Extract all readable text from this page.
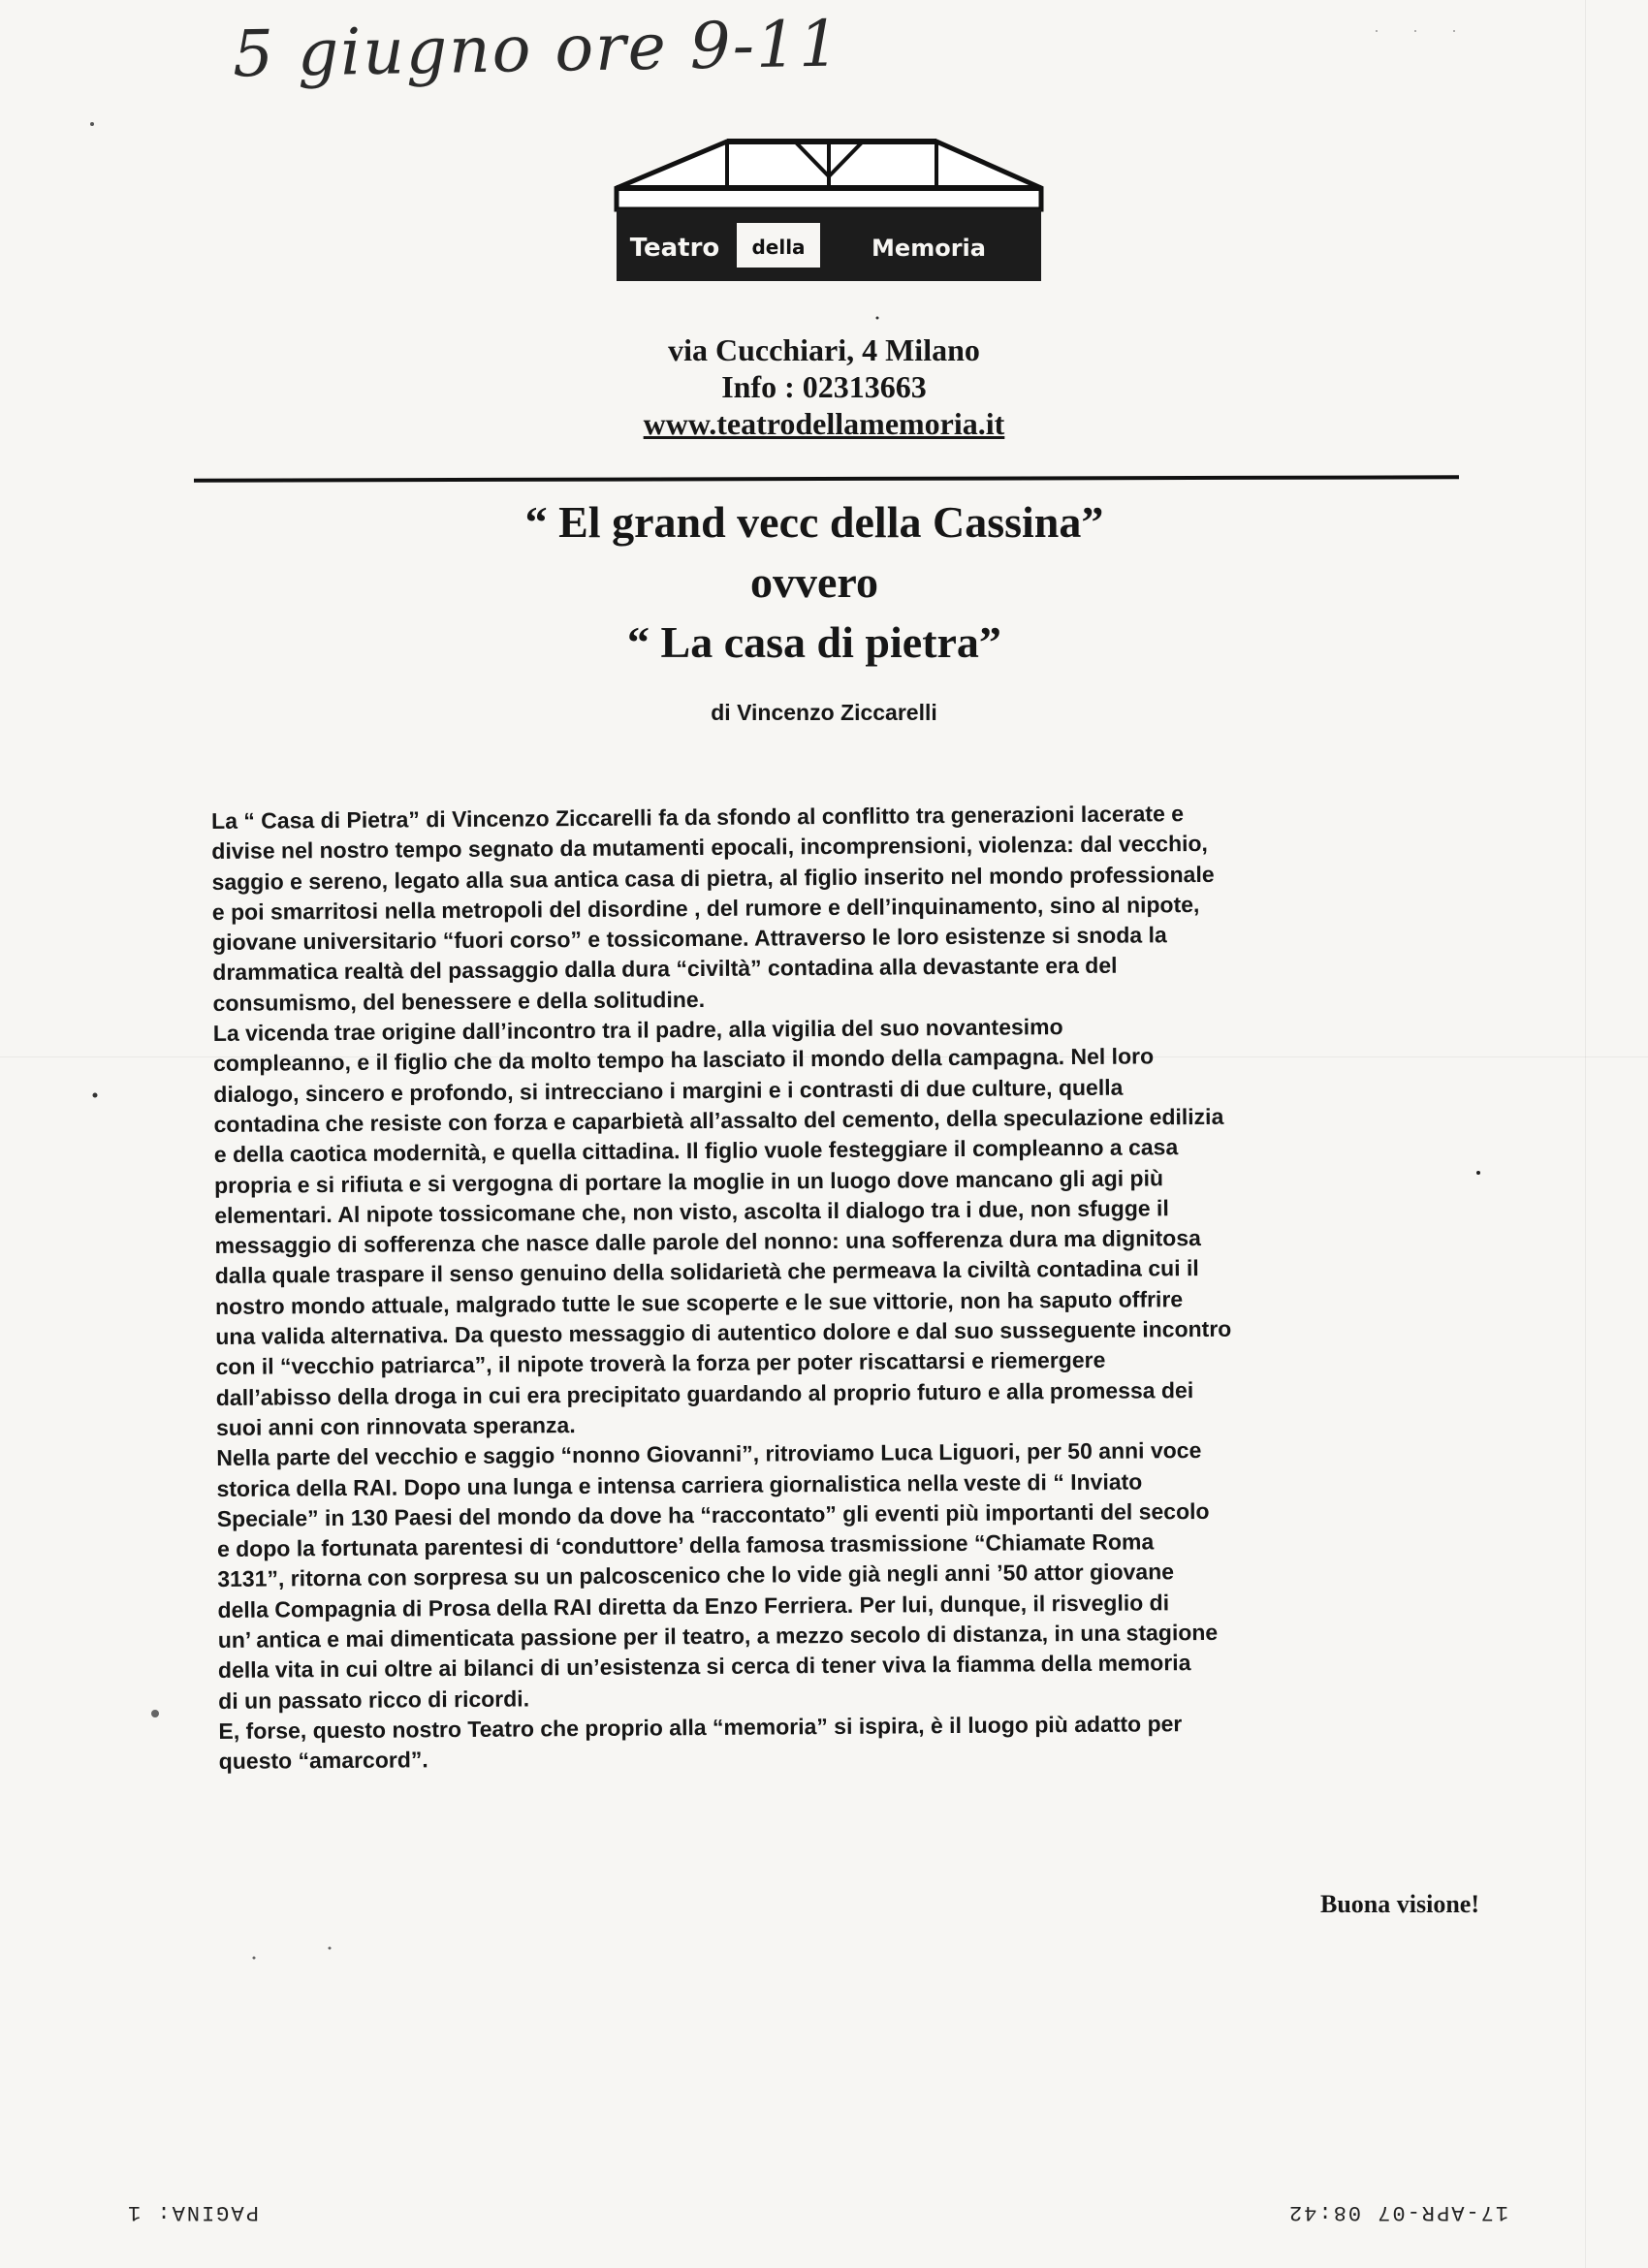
5 giugno ore 9-11
Teatro della	Memoria
via Cucchiari, 4 Milano
Info : 02313663
www.teatrodellamemoria.it
“ El grand vecc della Cassina”
ovvero
“ La casa di pietra”
di Vincenzo Ziccarelli

La “ Casa di Pietra” di Vincenzo Ziccarelli fa da sfondo al conflitto tra generazioni lacerate e

divise nel nostro tempo segnato da mutamenti epocali, incomprensioni, violenza: dal vecchio,

saggio e sereno, legato alla sua antica casa di pietra, al figlio inserito nel mondo professionale

e poi smarritosi nella metropoli del disordine , del rumore e dell’inquinamento, sino al nipote,

giovane universitario “fuori corso” e tossicomane. Attraverso le loro esistenze si snoda la

drammatica realtà del passaggio dalla dura “civiltà” contadina alla devastante era del

consumismo, del benessere e della solitudine.

La vicenda trae origine dall’incontro tra il padre, alla vigilia del suo novantesimo

compleanno, e il figlio che da molto tempo ha lasciato il mondo della campagna. Nel loro

dialogo, sincero e profondo, si intrecciano i margini e i contrasti di due culture, quella

contadina che resiste con forza e caparbietà all’assalto del cemento, della speculazione edilizia

e della caotica modernità, e quella cittadina. Il figlio vuole festeggiare il compleanno a casa

propria e si rifiuta e si vergogna di portare la moglie in un luogo dove mancano gli agi più

elementari. Al nipote tossicomane che, non visto, ascolta il dialogo tra i due, non sfugge il

messaggio di sofferenza che nasce dalle parole del nonno: una sofferenza dura ma dignitosa

dalla quale traspare il senso genuino della solidarietà che permeava la civiltà contadina cui il

nostro mondo attuale, malgrado tutte le sue scoperte e le sue vittorie, non ha saputo offrire

una valida alternativa. Da questo messaggio di autentico dolore e dal suo susseguente incontro

con il “vecchio patriarca”, il nipote troverà la forza per poter riscattarsi e riemergere

dall’abisso della droga in cui era precipitato guardando al proprio futuro e alla promessa dei

suoi anni con rinnovata speranza.

Nella parte del vecchio e saggio “nonno Giovanni”, ritroviamo Luca Liguori, per 50 anni voce

storica della RAI. Dopo una lunga e intensa carriera giornalistica nella veste di “ Inviato

Speciale” in 130 Paesi del mondo da dove ha “raccontato” gli eventi più importanti del secolo

e dopo la fortunata parentesi di ‘conduttore’ della famosa trasmissione “Chiamate Roma

3131”, ritorna con sorpresa su un palcoscenico che lo vide già negli anni ’50 attor giovane

della Compagnia di Prosa della RAI diretta da Enzo Ferriera. Per lui, dunque, il risveglio di

un’ antica e mai dimenticata passione per il teatro, a mezzo secolo di distanza, in una stagione

della vita in cui oltre ai bilanci di un’esistenza si cerca di tener viva la fiamma della memoria

di un passato ricco di ricordi.

E, forse, questo nostro Teatro che proprio alla “memoria” si ispira, è il luogo più adatto per

questo “amarcord”.

Buona visione!
PAGINA: 1	17-APR-07 08:42
